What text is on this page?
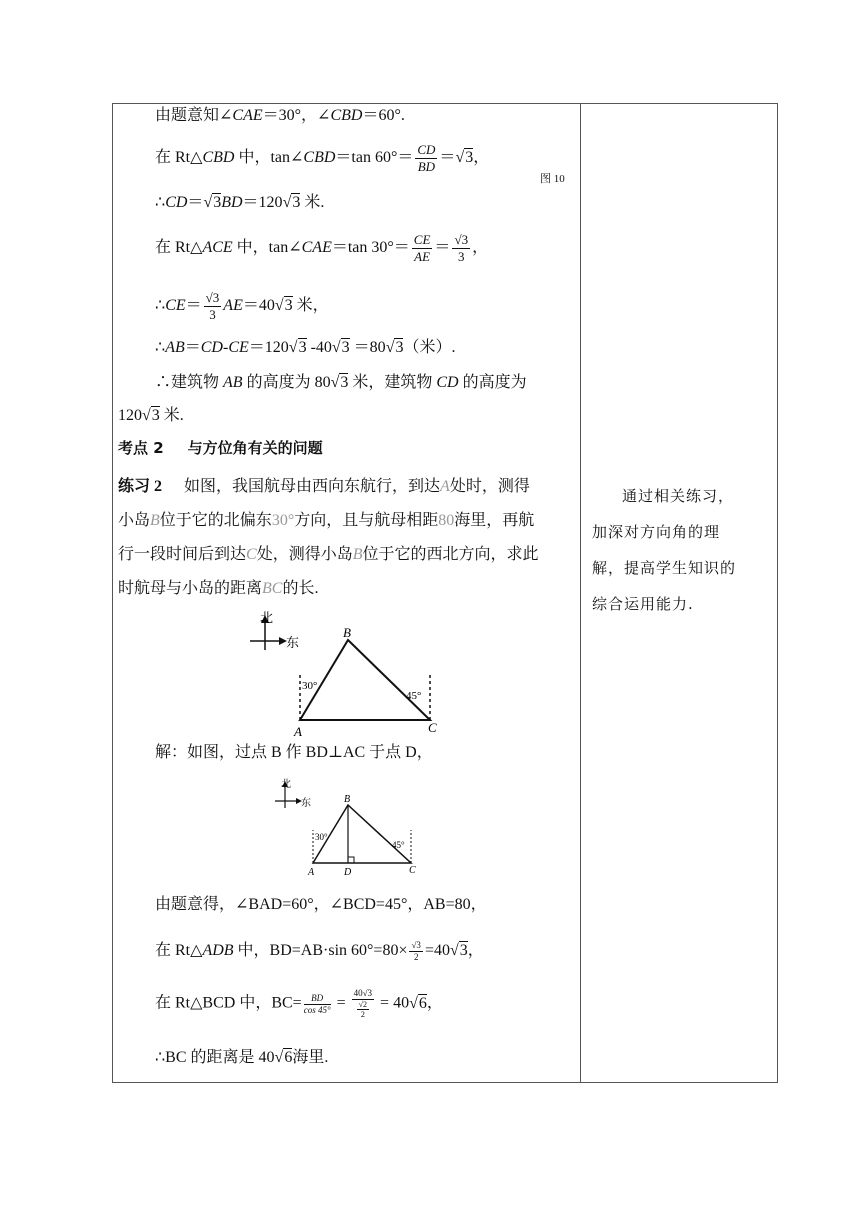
由题意知∠CAE＝30°，∠CBD＝60°.
在 Rt△CBD 中，tan∠CBD＝tan $60^\circ= \frac{CD}{BD} =√3$，
图 10
∴CD＝√3BD＝120√3 米.
在 Rt△ACE 中，tan∠CAE＝tan $30^\circ= \frac{CE}{AE} = \frac{√3}{3}$ ，
∴CE＝ $\frac{√3}{3} AE=40√3$ 米，
∴AB＝CD-CE＝120√3 -40√3 ＝80√3（米）.
∴建筑物 AB 的高度为 80√3 米，建筑物 CD 的高度为
120√3 米.
考点 2 与方位角有关的问题
练习 2 如图，我国航母由西向东航行，到达A处时，测得
小岛B位于它的北偏东30°方向，且与航母相距80海里，再航
行一段时间后到达C处，测得小岛B位于它的西北方向，求此
时航母与小岛的距离BC的长.
北
东
30°
45°
B
A	C
解：如图，过点 B 作 BD⊥AC 于点 D，
北
东
30°
45°
B
A	D	C
由题意得，∠BAD=60°，∠BCD=45°，AB=80，
在 Rt△ADB 中，BD=AB·sin $60^\circ=80\times \frac{√3}{2} =40√3$，
在 Rt△BCD 中，$BC= \frac{BD}{\cos 45^\circ} = \frac{40√3}{\frac{√2}{2}} = 40√6$，
∴BC 的距离是 40√6海里.
通过相关练习，
加深对方向角的理
解，提高学生知识的
综合运用能力.
